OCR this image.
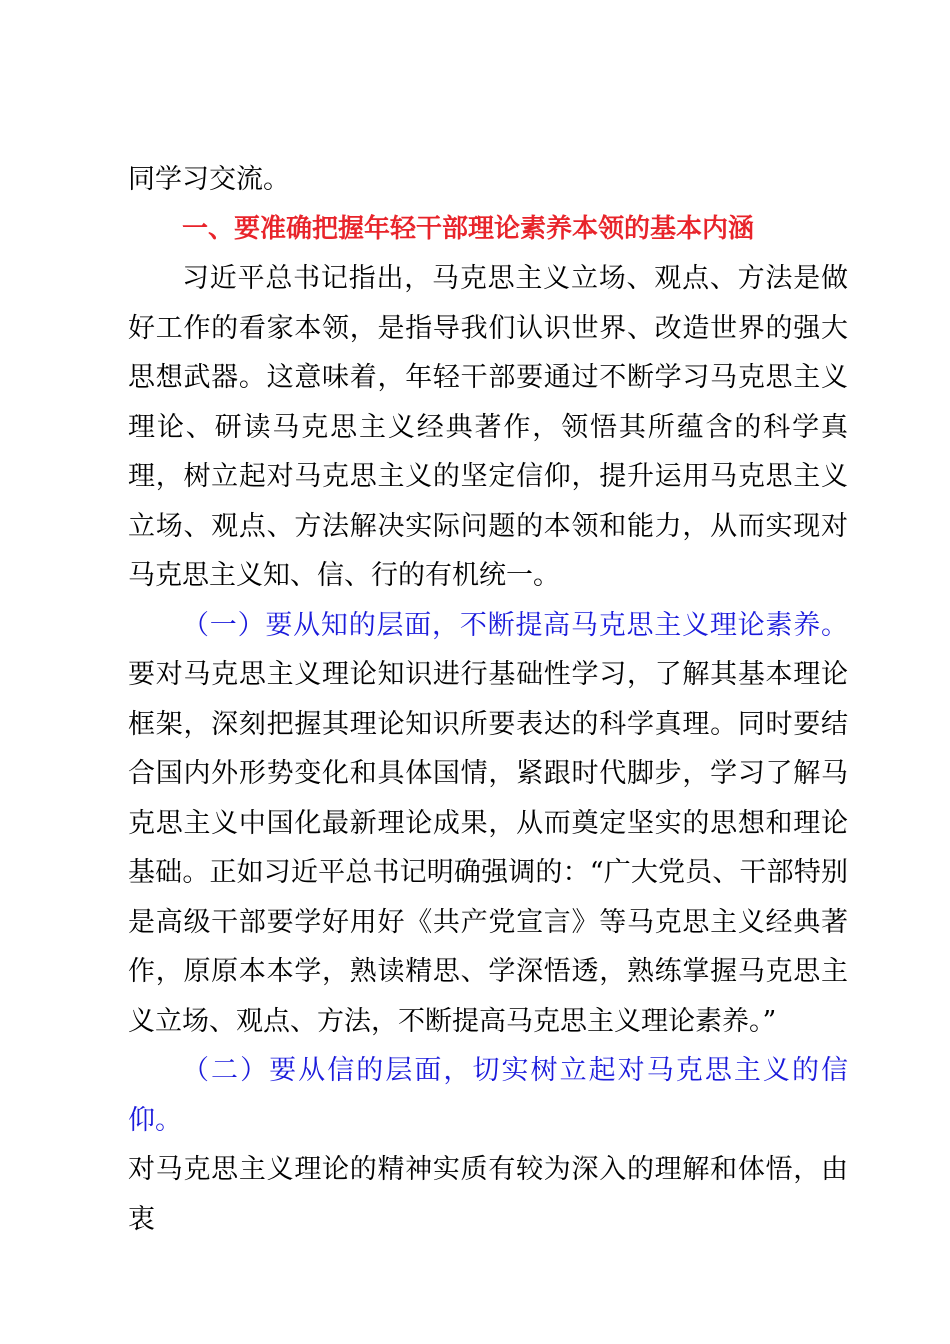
同学习交流。

一、要准确把握年轻干部理论素养本领的基本内涵

习近平总书记指出，马克思主义立场、观点、方法是做好工作的看家本领，是指导我们认识世界、改造世界的强大思想武器。这意味着，年轻干部要通过不断学习马克思主义理论、研读马克思主义经典著作，领悟其所蕴含的科学真理，树立起对马克思主义的坚定信仰，提升运用马克思主义立场、观点、方法解决实际问题的本领和能力，从而实现对马克思主义知、信、行的有机统一。

（一）要从知的层面，不断提高马克思主义理论素养。要对马克思主义理论知识进行基础性学习，了解其基本理论框架，深刻把握其理论知识所要表达的科学真理。同时要结合国内外形势变化和具体国情，紧跟时代脚步，学习了解马克思主义中国化最新理论成果，从而奠定坚实的思想和理论基础。正如习近平总书记明确强调的：“广大党员、干部特别是高级干部要学好用好《共产党宣言》等马克思主义经典著作，原原本本学，熟读精思、学深悟透，熟练掌握马克思主义立场、观点、方法，不断提高马克思主义理论素养。”

（二）要从信的层面，切实树立起对马克思主义的信仰。
对马克思主义理论的精神实质有较为深入的理解和体悟，由衷
